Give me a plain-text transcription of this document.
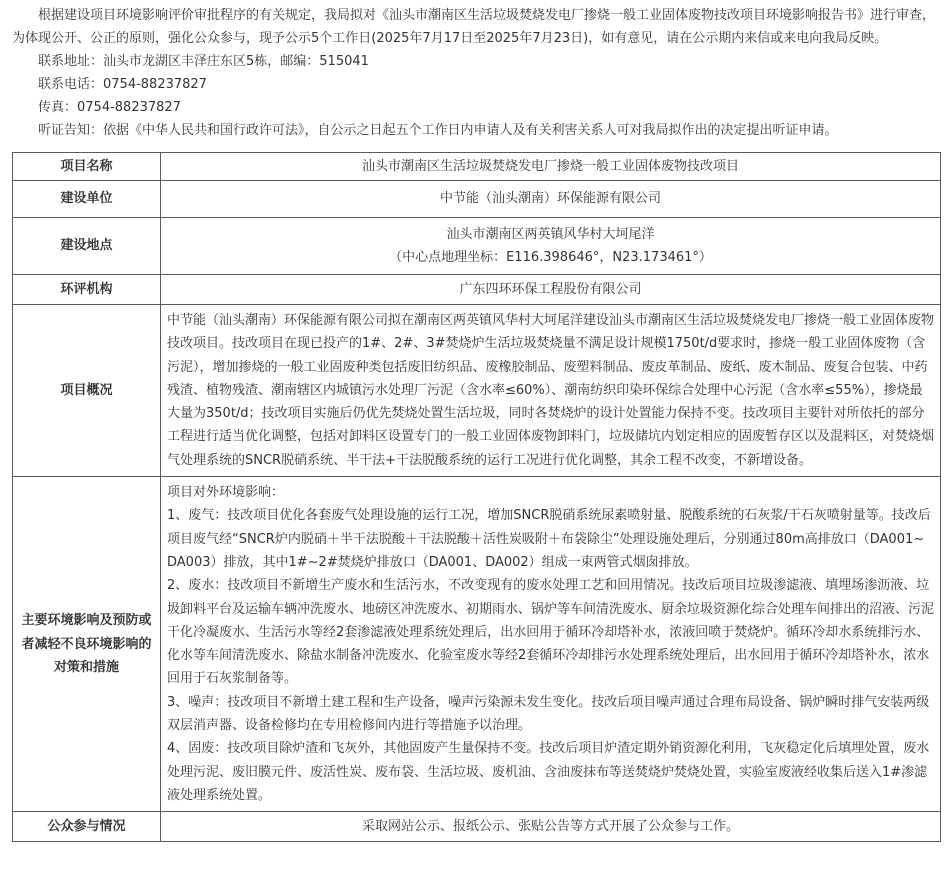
根据建设项目环境影响评价审批程序的有关规定，我局拟对《汕头市潮南区生活垃圾焚烧发电厂掺烧一般工业固体废物技改项目环境影响报告书》进行审查，为体现公开、公正的原则，强化公众参与，现予公示5个工作日(2025年7月17日至2025年7月23日)，如有意见，请在公示期内来信或来电向我局反映。

联系地址：汕头市龙湖区丰泽庄东区5栋，邮编：515041

联系电话：0754-88237827

传真：0754-88237827

听证告知：依据《中华人民共和国行政许可法》，自公示之日起五个工作日内申请人及有关利害关系人可对我局拟作出的决定提出听证申请。

项目名称	汕头市潮南区生活垃圾焚烧发电厂掺烧一般工业固体废物技改项目
建设单位	中节能（汕头潮南）环保能源有限公司
建设地点	汕头市潮南区两英镇风华村大坷尾洋
（中心点地理坐标：E116.398646°，N23.173461°）

环评机构	广东四环环保工程股份有限公司
项目概况	中节能（汕头潮南）环保能源有限公司拟在潮南区两英镇风华村大坷尾洋建设汕头市潮南区生活垃圾焚烧发电厂掺烧一般工业固体废物技改项目。技改项目在现已投产的1#、2#、3#焚烧炉生活垃圾焚烧量不满足设计规模1750t/d要求时，掺烧一般工业固体废物（含污泥），增加掺烧的一般工业固废种类包括废旧纺织品、废橡胶制品、废塑料制品、废皮革制品、废纸、废木制品、废复合包装、中药残渣、植物残渣、潮南辖区内城镇污水处理厂污泥（含水率≤60%）、潮南纺织印染环保综合处理中心污泥（含水率≤55%），掺烧最大量为350t/d；技改项目实施后仍优先焚烧处置生活垃圾，同时各焚烧炉的设计处置能力保持不变。技改项目主要针对所依托的部分工程进行适当优化调整，包括对卸料区设置专门的一般工业固体废物卸料门，垃圾储坑内划定相应的固废暂存区以及混料区，对焚烧烟气处理系统的SNCR脱硝系统、半干法+干法脱酸系统的运行工况进行优化调整，其余工程不改变，不新增设备。
主要环境影响及预防或者减轻不良环境影响的对策和措施	项目对外环境影响：
1、废气：技改项目优化各套废气处理设施的运行工况，增加SNCR脱硝系统尿素喷射量、脱酸系统的石灰浆/干石灰喷射量等。技改后项目废气经“SNCR炉内脱硝＋半干法脱酸＋干法脱酸＋活性炭吸附＋布袋除尘”处理设施处理后，分别通过80m高排放口（DA001~DA003）排放，其中1#~2#焚烧炉排放口（DA001、DA002）组成一束两管式烟囱排放。
2、废水：技改项目不新增生产废水和生活污水，不改变现有的废水处理工艺和回用情况。技改后项目垃圾渗滤液、填埋场渗沥液、垃圾卸料平台及运输车辆冲洗废水、地磅区冲洗废水、初期雨水、锅炉等车间清洗废水、厨余垃圾资源化综合处理车间排出的沼液、污泥干化冷凝废水、生活污水等经2套渗滤液处理系统处理后，出水回用于循环冷却塔补水，浓液回喷于焚烧炉。循环冷却水系统排污水、化水等车间清洗废水、除盐水制备冲洗废水、化验室废水等经2套循环冷却排污水处理系统处理后，出水回用于循环冷却塔补水，浓水回用于石灰浆制备等。
3、噪声：技改项目不新增土建工程和生产设备，噪声污染源未发生变化。技改后项目噪声通过合理布局设备、锅炉瞬时排气安装两级双层消声器、设备检修均在专用检修间内进行等措施予以治理。
4、固废：技改项目除炉渣和飞灰外，其他固废产生量保持不变。技改后项目炉渣定期外销资源化利用，飞灰稳定化后填埋处置，废水处理污泥、废旧膜元件、废活性炭、废布袋、生活垃圾、废机油、含油废抹布等送焚烧炉焚烧处置，实验室废液经收集后送入1#渗滤液处理系统处置。

公众参与情况	采取网站公示、报纸公示、张贴公告等方式开展了公众参与工作。
